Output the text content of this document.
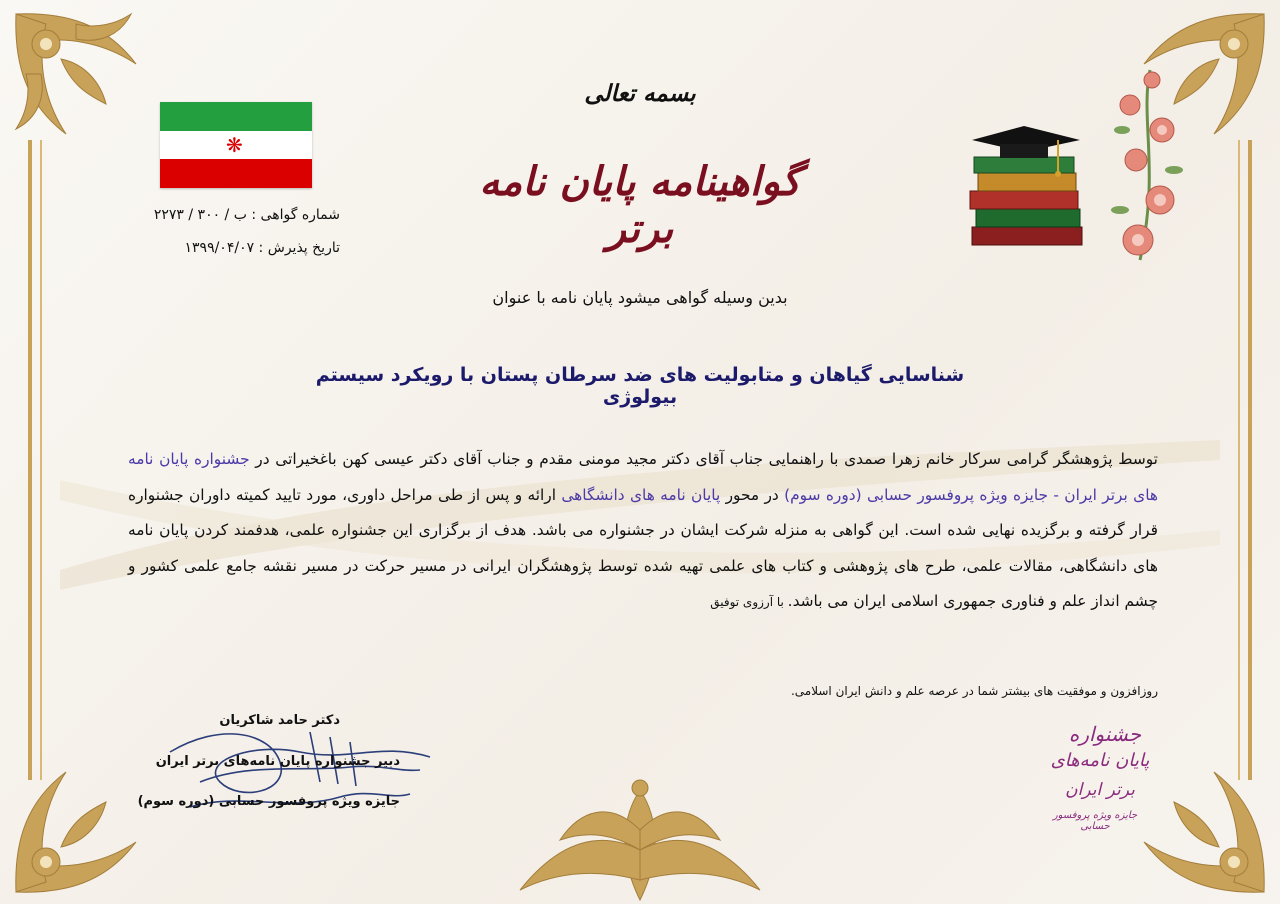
❋
شماره گواهی : ب / ۳۰۰ / ۲۲۷۳
تاریخ پذیرش : ۱۳۹۹/۰۴/۰۷
بسمه تعالی
گواهینامه پایان نامه برتر
بدین وسیله گواهی میشود پایان نامه با عنوان
شناسایی گیاهان و متابولیت های ضد سرطان پستان با رویکرد سیستم بیولوژی
توسط پژوهشگر گرامی سرکار خانم زهرا صمدی با راهنمایی جناب آقای دکتر مجید مومنی مقدم و جناب آقای دکتر عیسی کهن باغخیراتی در جشنواره پایان نامه های برتر ایران - جایزه ویژه پروفسور حسابی (دوره سوم) در محور پایان نامه های دانشگاهی ارائه و پس از طی مراحل داوری، مورد تایید کمیته داوران جشنواره قرار گرفته و برگزیده نهایی شده است. این گواهی به منزله شرکت ایشان در جشنواره می باشد. هدف از برگزاری این جشنواره علمی، هدفمند کردن پایان نامه های دانشگاهی، مقالات علمی، طرح های پژوهشی و کتاب های علمی تهیه شده توسط پژوهشگران ایرانی در مسیر حرکت در مسیر نقشه جامع علمی کشور و چشم انداز علم و فناوری جمهوری اسلامی ایران می باشد. با آرزوی توفیق
روزافزون و موفقیت های بیشتر شما در عرصه علم و دانش ایران اسلامی.
دکتر حامد شاکریان
دبیر جشنواره پایان نامه‌های برتر ایران
جایزه ویژه پروفسور حسابی (دوره سوم)
جشنواره
پایان نامه‌های
برتر ایران
جایزه ویژه پروفسور حسابی
